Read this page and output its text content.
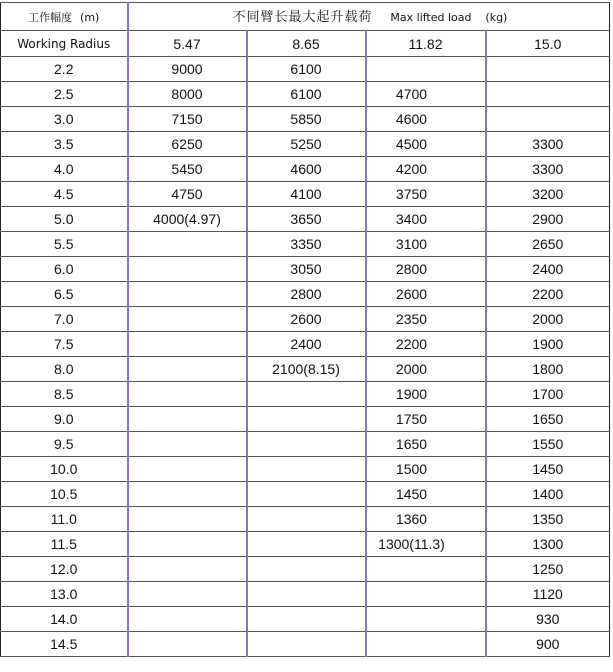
工作幅度 (m)	不同臂长最大起升载荷 Max lifted load (kg)			
Working Radius	5.47	8.65	11.82	15.0
2.2	9000	6100		
2.5	8000	6100	4700	
3.0	7150	5850	4600	
3.5	6250	5250	4500	3300
4.0	5450	4600	4200	3300
4.5	4750	4100	3750	3200
5.0	4000(4.97)	3650	3400	2900
5.5		3350	3100	2650
6.0		3050	2800	2400
6.5		2800	2600	2200
7.0		2600	2350	2000
7.5		2400	2200	1900
8.0		2100(8.15)	2000	1800
8.5			1900	1700
9.0			1750	1650
9.5			1650	1550
10.0			1500	1450
10.5			1450	1400
11.0			1360	1350
11.5			1300(11.3)	1300
12.0				1250
13.0				1120
14.0				930
14.5				900
